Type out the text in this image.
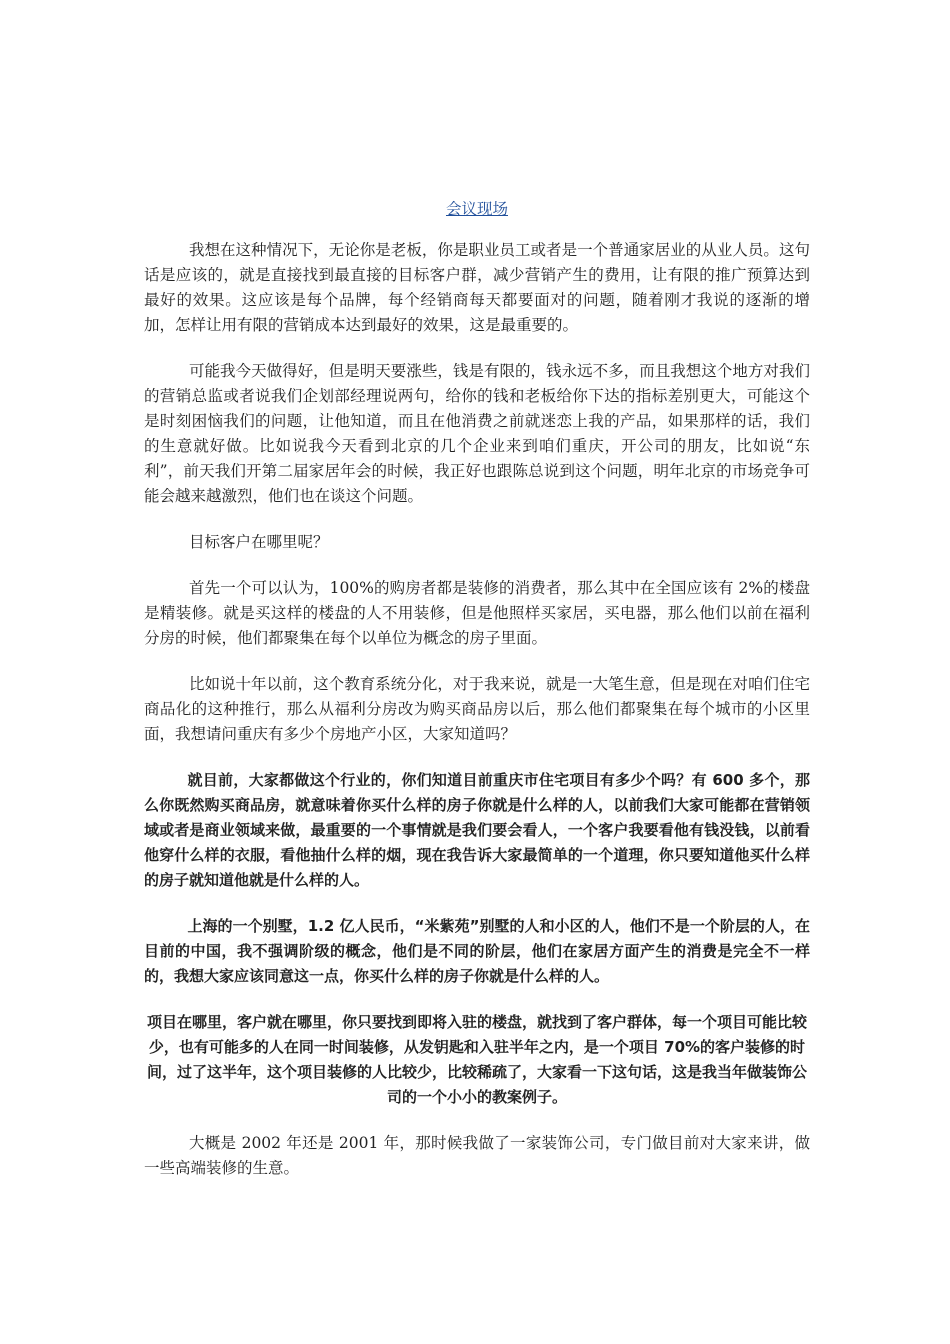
会议现场

我想在这种情况下，无论你是老板，你是职业员工或者是一个普通家居业的从业人员。这句话是应该的，就是直接找到最直接的目标客户群，减少营销产生的费用，让有限的推广预算达到最好的效果。这应该是每个品牌，每个经销商每天都要面对的问题，随着刚才我说的逐渐的增加，怎样让用有限的营销成本达到最好的效果，这是最重要的。

可能我今天做得好，但是明天要涨些，钱是有限的，钱永远不多，而且我想这个地方对我们的营销总监或者说我们企划部经理说两句，给你的钱和老板给你下达的指标差别更大，可能这个是时刻困恼我们的问题，让他知道，而且在他消费之前就迷恋上我的产品，如果那样的话，我们的生意就好做。比如说我今天看到北京的几个企业来到咱们重庆，开公司的朋友，比如说“东利”，前天我们开第二届家居年会的时候，我正好也跟陈总说到这个问题，明年北京的市场竞争可能会越来越激烈，他们也在谈这个问题。

目标客户在哪里呢？

首先一个可以认为，100%的购房者都是装修的消费者，那么其中在全国应该有 2%的楼盘是精装修。就是买这样的楼盘的人不用装修，但是他照样买家居，买电器，那么他们以前在福利分房的时候，他们都聚集在每个以单位为概念的房子里面。

比如说十年以前，这个教育系统分化，对于我来说，就是一大笔生意，但是现在对咱们住宅商品化的这种推行，那么从福利分房改为购买商品房以后，那么他们都聚集在每个城市的小区里面，我想请问重庆有多少个房地产小区，大家知道吗？

就目前，大家都做这个行业的，你们知道目前重庆市住宅项目有多少个吗？有 600 多个，那么你既然购买商品房，就意味着你买什么样的房子你就是什么样的人，以前我们大家可能都在营销领域或者是商业领域来做，最重要的一个事情就是我们要会看人，一个客户我要看他有钱没钱，以前看他穿什么样的衣服，看他抽什么样的烟，现在我告诉大家最简单的一个道理，你只要知道他买什么样的房子就知道他就是什么样的人。

上海的一个别墅，1.2 亿人民币，“米紫苑”别墅的人和小区的人，他们不是一个阶层的人，在目前的中国，我不强调阶级的概念，他们是不同的阶层，他们在家居方面产生的消费是完全不一样的，我想大家应该同意这一点，你买什么样的房子你就是什么样的人。

项目在哪里，客户就在哪里，你只要找到即将入驻的楼盘，就找到了客户群体，每一个项目可能比较少，也有可能多的人在同一时间装修，从发钥匙和入驻半年之内，是一个项目 70%的客户装修的时间，过了这半年，这个项目装修的人比较少，比较稀疏了，大家看一下这句话，这是我当年做装饰公司的一个小小的教案例子。

大概是 2002 年还是 2001 年，那时候我做了一家装饰公司，专门做目前对大家来讲，做一些高端装修的生意。
